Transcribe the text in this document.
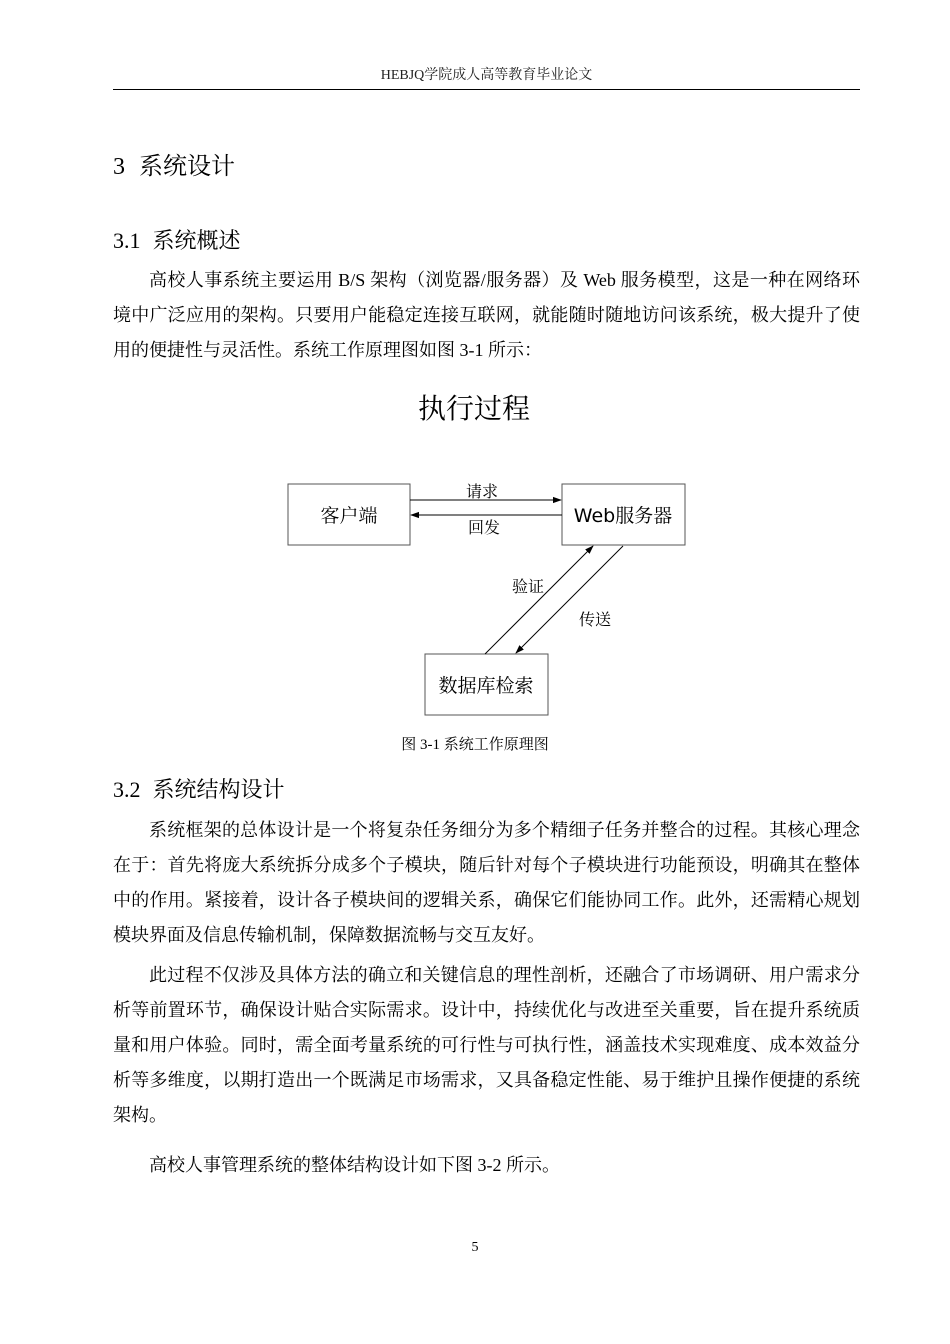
HEBJQ学院成人高等教育毕业论文
3 系统设计
3.1 系统概述

高校人事系统主要运用 B/S 架构（浏览器/服务器）及 Web 服务模型，这是一种在网络环境中广泛应用的架构。只要用户能稳定连接互联网，就能随时随地访问该系统，极大提升了使用的便捷性与灵活性。系统工作原理图如图 3-1 所示：

执行过程
客户端	Web服务器
数据库检索
请求
回发
验证
传送
图 3-1 系统工作原理图
3.2 系统结构设计

系统框架的总体设计是一个将复杂任务细分为多个精细子任务并整合的过程。其核心理念在于：首先将庞大系统拆分成多个子模块，随后针对每个子模块进行功能预设，明确其在整体中的作用。紧接着，设计各子模块间的逻辑关系，确保它们能协同工作。此外，还需精心规划模块界面及信息传输机制，保障数据流畅与交互友好。

此过程不仅涉及具体方法的确立和关键信息的理性剖析，还融合了市场调研、用户需求分析等前置环节，确保设计贴合实际需求。设计中，持续优化与改进至关重要，旨在提升系统质量和用户体验。同时，需全面考量系统的可行性与可执行性，涵盖技术实现难度、成本效益分析等多维度，以期打造出一个既满足市场需求，又具备稳定性能、易于维护且操作便捷的系统架构。

高校人事管理系统的整体结构设计如下图 3-2 所示。

5
